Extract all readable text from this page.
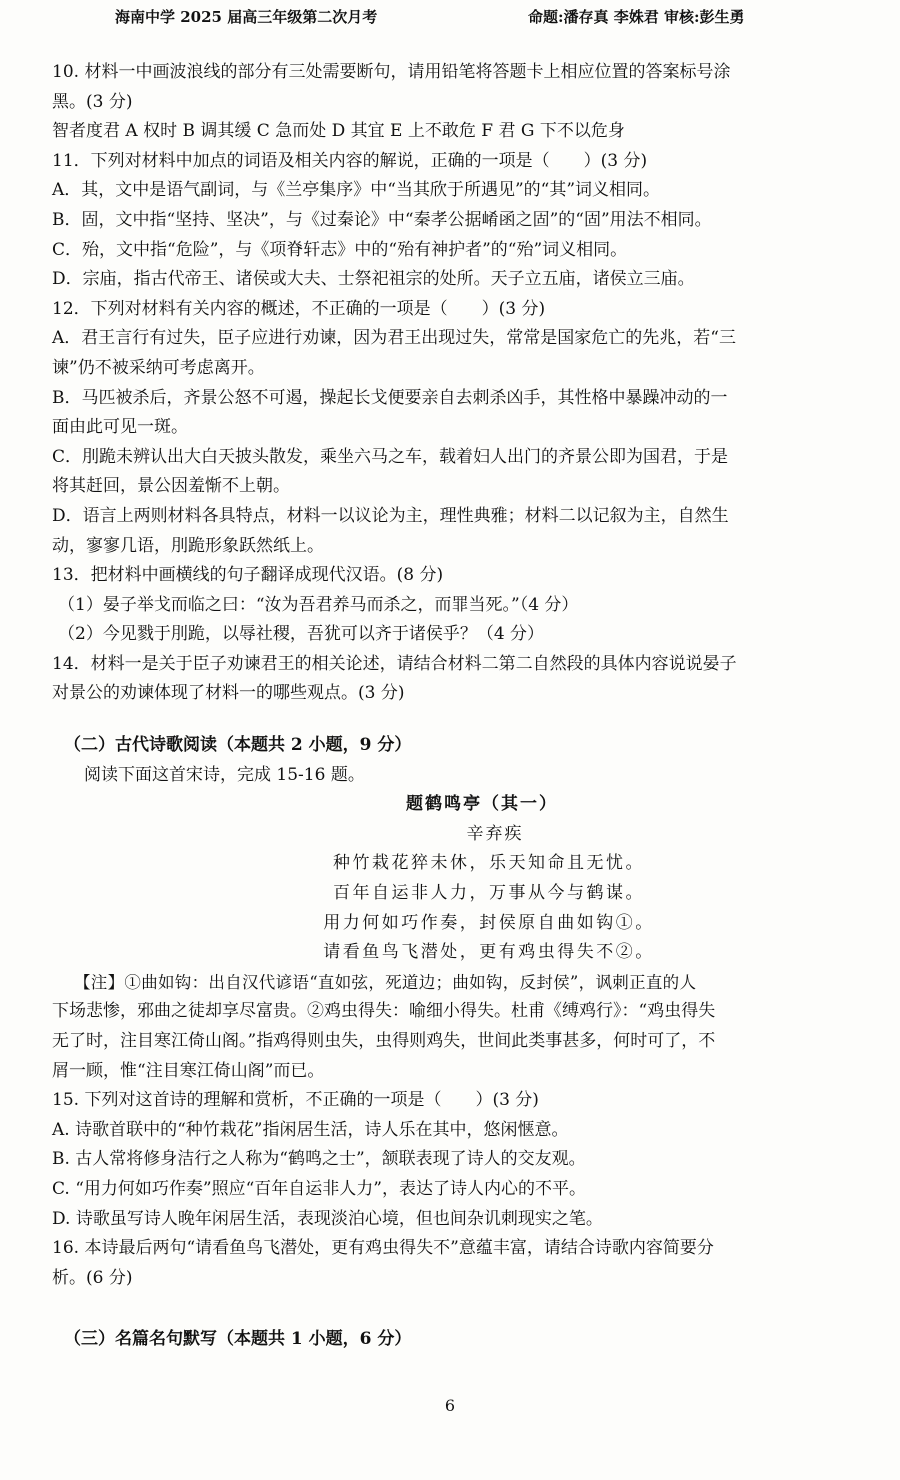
海南中学 2025 届高三年级第二次月考	命题:潘存真 李姝君 审核:彭生勇

10. 材料一中画波浪线的部分有三处需要断句，请用铅笔将答题卡上相应位置的答案标号涂

黑。(3 分)

智者度君 A 权时 B 调其缓 C 急而处 D 其宜 E 上不敢危 F 君 G 下不以危身

11．下列对材料中加点的词语及相关内容的解说，正确的一项是（　　）(3 分)

A．其，文中是语气副词，与《兰亭集序》中“当其欣于所遇见”的“其”词义相同。

B．固，文中指“坚持、坚决”，与《过秦论》中“秦孝公据崤函之固”的“固”用法不相同。

C．殆，文中指“危险”，与《项脊轩志》中的“殆有神护者”的“殆”词义相同。

D．宗庙，指古代帝王、诸侯或大夫、士祭祀祖宗的处所。天子立五庙，诸侯立三庙。

12．下列对材料有关内容的概述，不正确的一项是（　　）(3 分)

A．君王言行有过失，臣子应进行劝谏，因为君王出现过失，常常是国家危亡的先兆，若“三

谏”仍不被采纳可考虑离开。

B．马匹被杀后，齐景公怒不可遏，操起长戈便要亲自去刺杀凶手，其性格中暴躁冲动的一

面由此可见一斑。

C．刖跪未辨认出大白天披头散发，乘坐六马之车，载着妇人出门的齐景公即为国君，于是

将其赶回，景公因羞惭不上朝。

D．语言上两则材料各具特点，材料一以议论为主，理性典雅；材料二以记叙为主，自然生

动，寥寥几语，刖跪形象跃然纸上。

13．把材料中画横线的句子翻译成现代汉语。(8 分)

（1）晏子举戈而临之曰：“汝为吾君养马而杀之，而罪当死。”（4 分）

（2）今见戮于刖跪，以辱社稷，吾犹可以齐于诸侯乎？（4 分）

14．材料一是关于臣子劝谏君王的相关论述，请结合材料二第二自然段的具体内容说说晏子

对景公的劝谏体现了材料一的哪些观点。(3 分)

（二）古代诗歌阅读（本题共 2 小题，9 分）

阅读下面这首宋诗，完成 15-16 题。

题鹤鸣亭（其一）

辛弃疾

种竹栽花猝未休，乐天知命且无忧。

百年自运非人力，万事从今与鹤谋。

用力何如巧作奏，封侯原自曲如钩①。

请看鱼鸟飞潜处，更有鸡虫得失不②。

【注】①曲如钩：出自汉代谚语“直如弦，死道边；曲如钩，反封侯”，讽刺正直的人

下场悲惨，邪曲之徒却享尽富贵。②鸡虫得失：喻细小得失。杜甫《缚鸡行》：“鸡虫得失

无了时，注目寒江倚山阁。”指鸡得则虫失，虫得则鸡失，世间此类事甚多，何时可了，不

屑一顾，惟“注目寒江倚山阁”而已。

15. 下列对这首诗的理解和赏析，不正确的一项是（　　）(3 分)

A. 诗歌首联中的“种竹栽花”指闲居生活，诗人乐在其中，悠闲惬意。

B. 古人常将修身洁行之人称为“鹤鸣之士”，颔联表现了诗人的交友观。

C. “用力何如巧作奏”照应“百年自运非人力”，表达了诗人内心的不平。

D. 诗歌虽写诗人晚年闲居生活，表现淡泊心境，但也间杂讥刺现实之笔。

16. 本诗最后两句“请看鱼鸟飞潜处，更有鸡虫得失不”意蕴丰富，请结合诗歌内容简要分

析。(6 分)

（三）名篇名句默写（本题共 1 小题，6 分）

6
